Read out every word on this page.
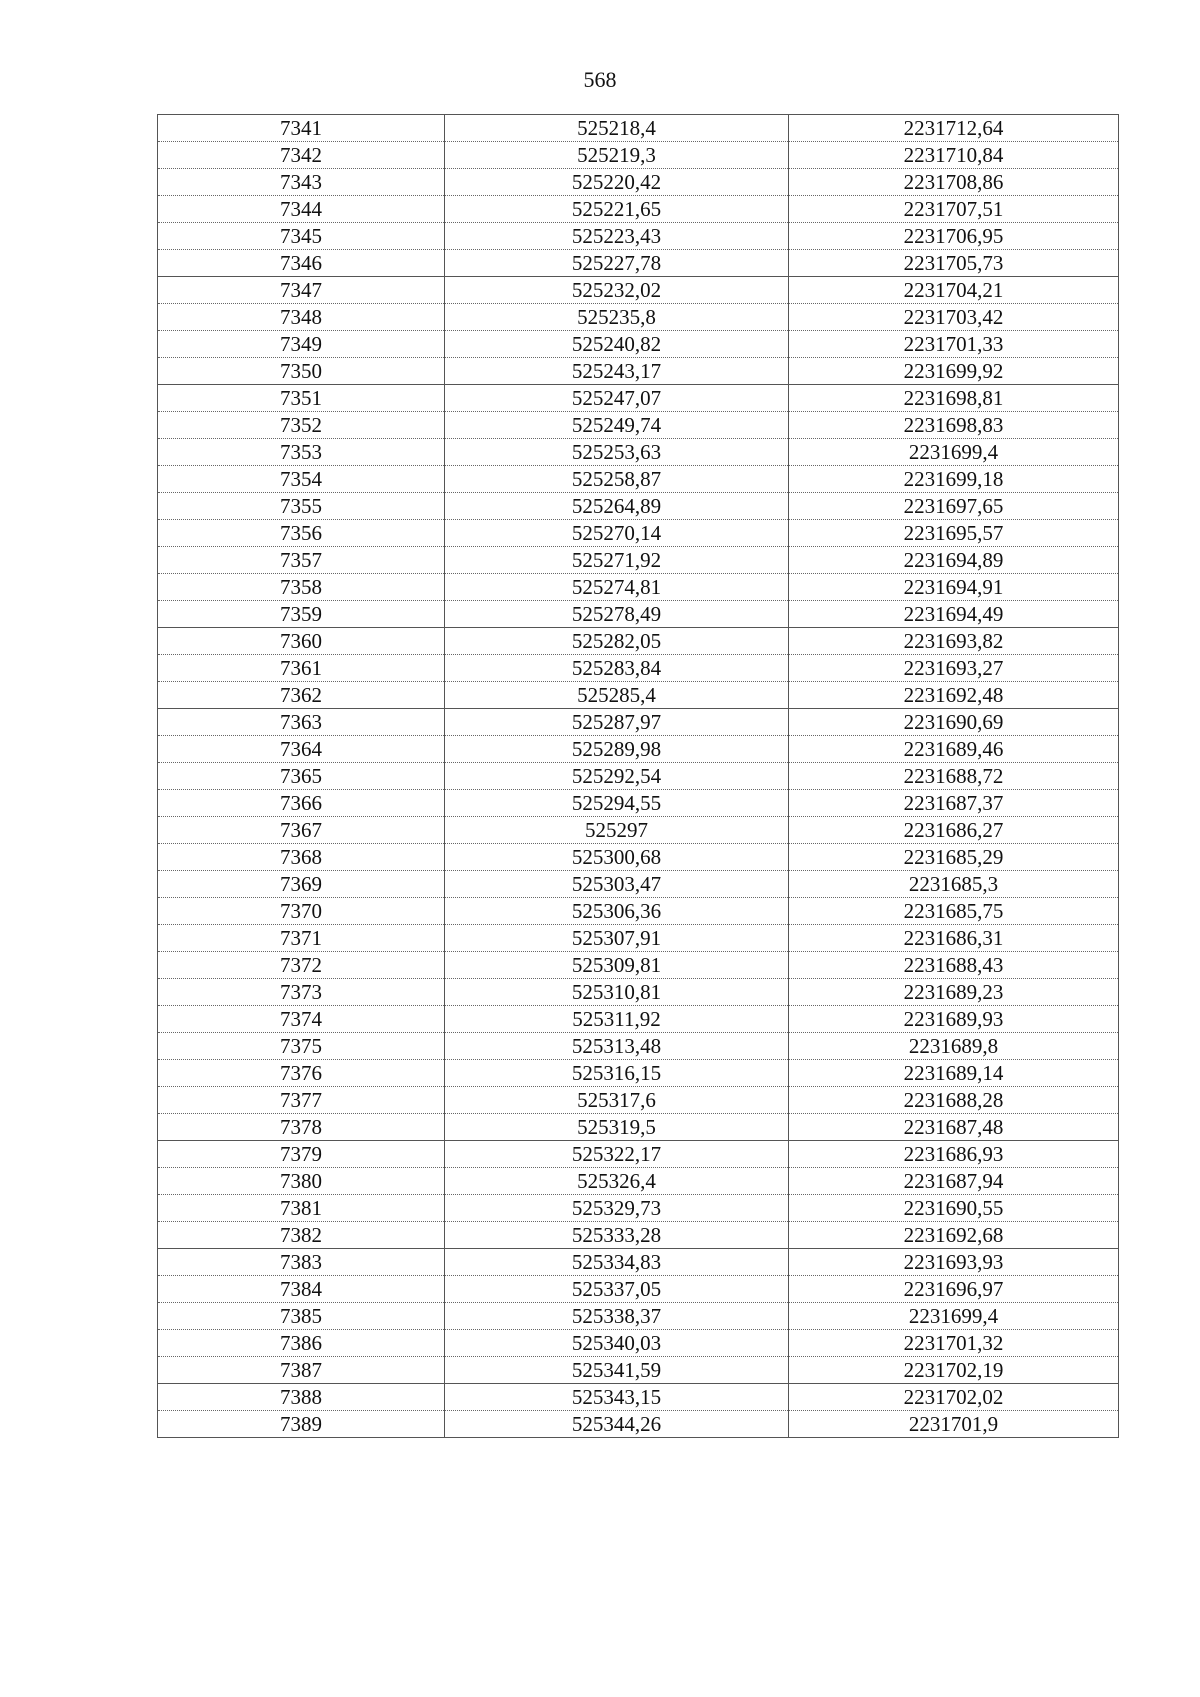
568
7341	525218,4	2231712,64
7342	525219,3	2231710,84
7343	525220,42	2231708,86
7344	525221,65	2231707,51
7345	525223,43	2231706,95
7346	525227,78	2231705,73
7347	525232,02	2231704,21
7348	525235,8	2231703,42
7349	525240,82	2231701,33
7350	525243,17	2231699,92
7351	525247,07	2231698,81
7352	525249,74	2231698,83
7353	525253,63	2231699,4
7354	525258,87	2231699,18
7355	525264,89	2231697,65
7356	525270,14	2231695,57
7357	525271,92	2231694,89
7358	525274,81	2231694,91
7359	525278,49	2231694,49
7360	525282,05	2231693,82
7361	525283,84	2231693,27
7362	525285,4	2231692,48
7363	525287,97	2231690,69
7364	525289,98	2231689,46
7365	525292,54	2231688,72
7366	525294,55	2231687,37
7367	525297	2231686,27
7368	525300,68	2231685,29
7369	525303,47	2231685,3
7370	525306,36	2231685,75
7371	525307,91	2231686,31
7372	525309,81	2231688,43
7373	525310,81	2231689,23
7374	525311,92	2231689,93
7375	525313,48	2231689,8
7376	525316,15	2231689,14
7377	525317,6	2231688,28
7378	525319,5	2231687,48
7379	525322,17	2231686,93
7380	525326,4	2231687,94
7381	525329,73	2231690,55
7382	525333,28	2231692,68
7383	525334,83	2231693,93
7384	525337,05	2231696,97
7385	525338,37	2231699,4
7386	525340,03	2231701,32
7387	525341,59	2231702,19
7388	525343,15	2231702,02
7389	525344,26	2231701,9
